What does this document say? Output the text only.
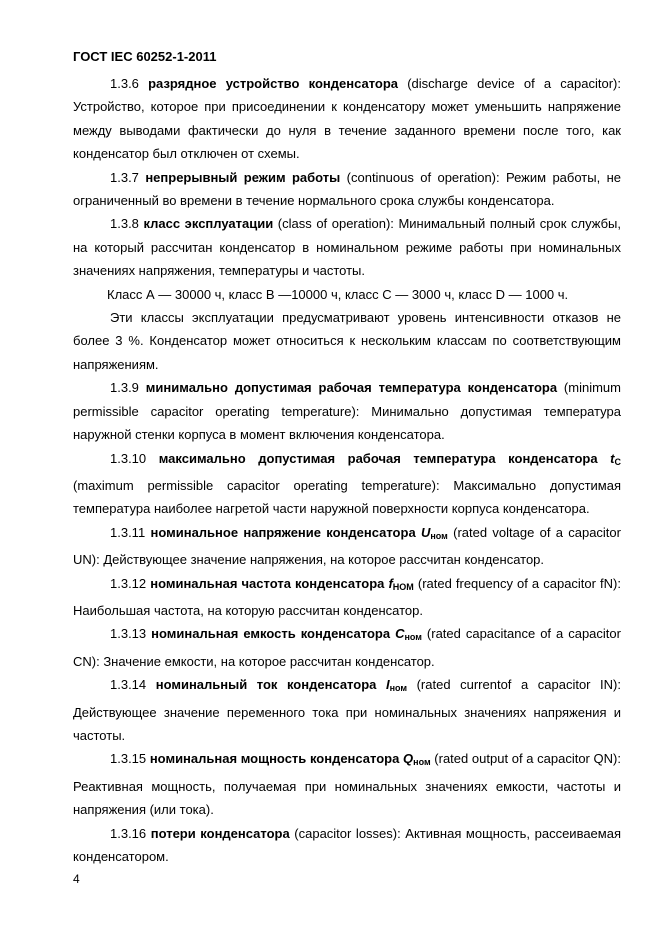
ГОСТ IEC 60252-1-2011

1.3.6 разрядное устройство конденсатора (discharge device of a capacitor): Устройство, которое при присоединении к конденсатору может уменьшить напряжение между выводами фактически до нуля в течение заданного времени после того, как конденсатор был отключен от схемы.

1.3.7 непрерывный режим работы (continuous of operation): Режим работы, не ограниченный во времени в течение нормального срока службы конденсатора.

1.3.8 класс эксплуатации (class of operation): Минимальный полный срок службы, на который рассчитан конденсатор в номинальном режиме работы при номинальных значениях напряжения, температуры и частоты.

Класс А — 30000 ч, класс В —10000 ч, класс С — 3000 ч, класс D — 1000 ч.

Эти классы эксплуатации предусматривают уровень интенсивности отказов не более 3 %. Конденсатор может относиться к нескольким классам по соответствующим напряжениям.

1.3.9 минимально допустимая рабочая температура конденсатора (minimum permissible capacitor operating temperature): Минимально допустимая температура наружной стенки корпуса в момент включения конденсатора.

1.3.10 максимально допустимая рабочая температура конденсатора $t_C$ (maximum permissible capacitor operating temperature): Максимально допустимая температура наиболее нагретой части наружной поверхности корпуса конденсатора.

1.3.11 номинальное напряжение конденсатора $U_{ном}$ (rated voltage of a capacitor UN): Действующее значение напряжения, на которое рассчитан конденсатор.

1.3.12 номинальная частота конденсатора $f_{НОМ}$ (rated frequency of a capacitor fN): Наибольшая частота, на которую рассчитан конденсатор.

1.3.13 номинальная емкость конденсатора $C_{ном}$ (rated capacitance of a capacitor CN): Значение емкости, на которое рассчитан конденсатор.

1.3.14 номинальный ток конденсатора $I_{ном}$ (rated currentof a capacitor IN): Действующее значение переменного тока при номинальных значениях напряжения и частоты.

1.3.15 номинальная мощность конденсатора $Q_{ном}$ (rated output of a capacitor QN): Реактивная мощность, получаемая при номинальных значениях емкости, частоты и напряжения (или тока).

1.3.16 потери конденсатора (capacitor losses): Активная мощность, рассеиваемая конденсатором.

4
